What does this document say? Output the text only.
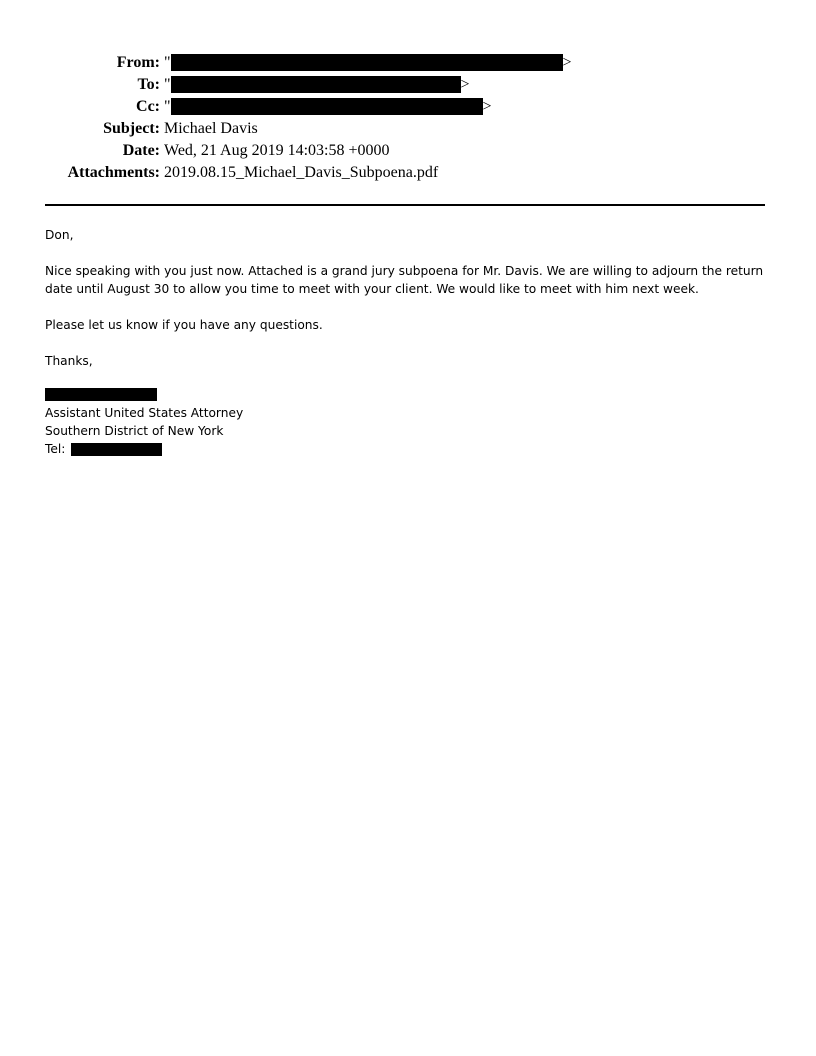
From: "	>
To: "	>
Cc: "	>
Subject: Michael Davis
Date: Wed, 21 Aug 2019 14:03:58 +0000
Attachments: 2019.08.15_Michael_Davis_Subpoena.pdf

Don,

Nice speaking with you just now. Attached is a grand jury subpoena for Mr. Davis. We are willing to adjourn the return date until August 30 to allow you time to meet with your client. We would like to meet with him next week.

Please let us know if you have any questions.

Thanks,

Assistant United States Attorney
Southern District of New York
Tel:
